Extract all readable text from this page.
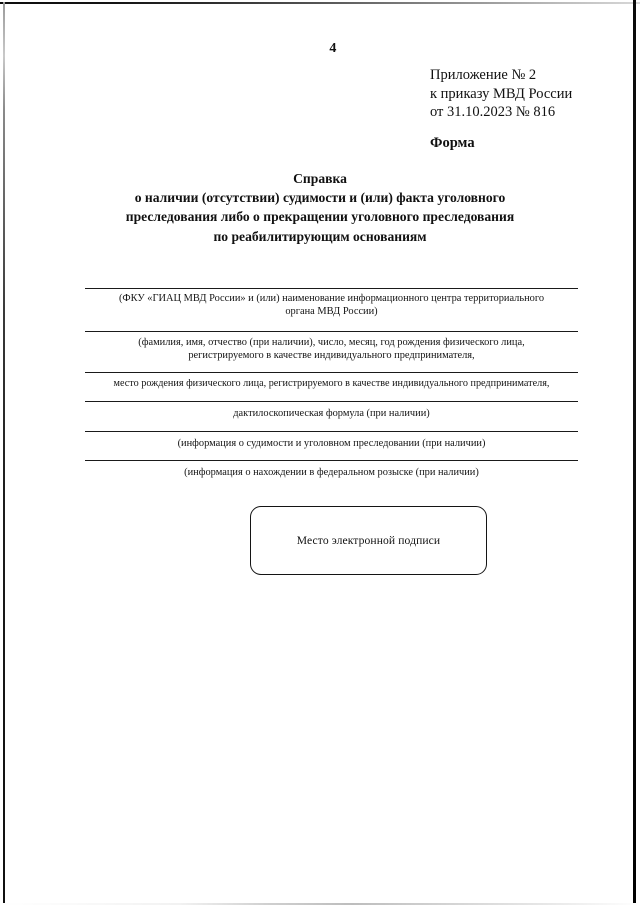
4
Приложение № 2
к приказу МВД России
от 31.10.2023 № 816
Форма
Справка
о наличии (отсутствии) судимости и (или) факта уголовного
преследования либо о прекращении уголовного преследования
по реабилитирующим основаниям
(ФКУ «ГИАЦ МВД России» и (или) наименование информационного центра территориального
органа МВД России)
(фамилия, имя, отчество (при наличии), число, месяц, год рождения физического лица,
регистрируемого в качестве индивидуального предпринимателя,
место рождения физического лица, регистрируемого в качестве индивидуального предпринимателя,
дактилоскопическая формула (при наличии)
(информация о судимости и уголовном преследовании (при наличии)
(информация о нахождении в федеральном розыске (при наличии)
Место электронной подписи
